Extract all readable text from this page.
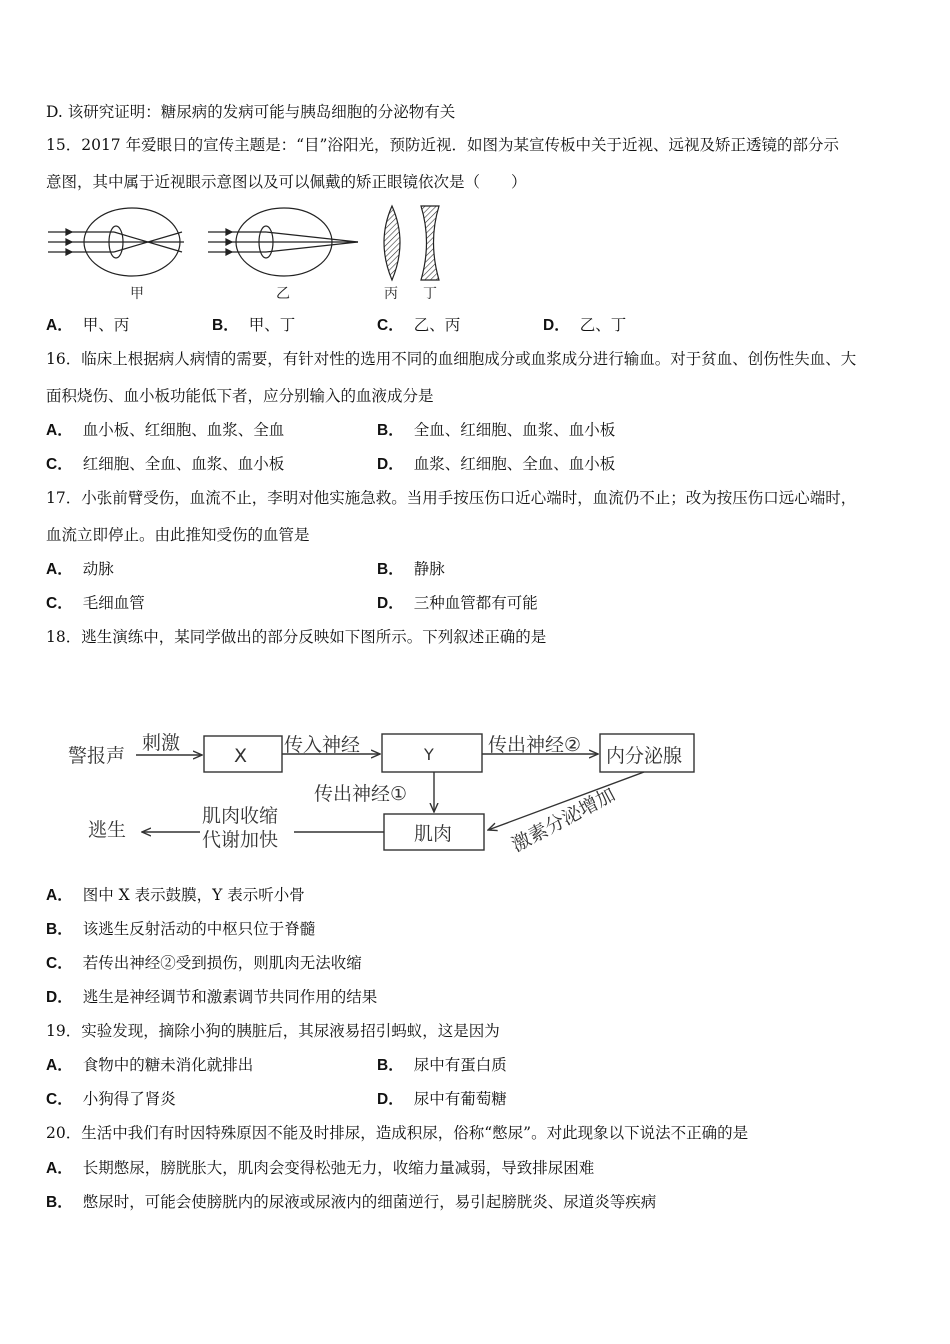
D. 该研究证明：糖尿病的发病可能与胰岛细胞的分泌物有关
15．2017 年爱眼日的宣传主题是：“目”浴阳光，预防近视．如图为某宣传板中关于近视、远视及矫正透镜的部分示
意图，其中属于近视眼示意图以及可以佩戴的矫正眼镜依次是（　　）
甲	乙	丙 丁
A． 甲、丙	B． 甲、丁	C． 乙、丙	D． 乙、丁
16．临床上根据病人病情的需要，有针对性的选用不同的血细胞成分或血浆成分进行输血。对于贫血、创伤性失血、大
面积烧伤、血小板功能低下者，应分别输入的血液成分是
A． 血小板、红细胞、血浆、全血	B． 全血、红细胞、血浆、血小板
C． 红细胞、全血、血浆、血小板	D． 血浆、红细胞、全血、血小板
17．小张前臂受伤，血流不止，李明对他实施急救。当用手按压伤口近心端时，血流仍不止；改为按压伤口远心端时，
血流立即停止。由此推知受伤的血管是
A． 动脉	B． 静脉
C． 毛细血管	D． 三种血管都有可能
18．逃生演练中，某同学做出的部分反映如下图所示。下列叙述正确的是
警报声
刺激	传入神经	传出神经②
传出神经①
肌肉收缩
代谢加快
逃生	激素分泌增加
X	Y	内分泌腺
肌肉
A． 图中 X 表示鼓膜，Y 表示听小骨
B． 该逃生反射活动的中枢只位于脊髓
C． 若传出神经②受到损伤，则肌肉无法收缩
D． 逃生是神经调节和激素调节共同作用的结果
19．实验发现，摘除小狗的胰脏后，其尿液易招引蚂蚁，这是因为
A． 食物中的糖未消化就排出	B． 尿中有蛋白质
C． 小狗得了肾炎	D． 尿中有葡萄糖
20．生活中我们有时因特殊原因不能及时排尿，造成积尿，俗称“憋尿”。对此现象以下说法不正确的是
A． 长期憋尿，膀胱胀大，肌肉会变得松弛无力，收缩力量减弱，导致排尿困难
B． 憋尿时，可能会使膀胱内的尿液或尿液内的细菌逆行，易引起膀胱炎、尿道炎等疾病
